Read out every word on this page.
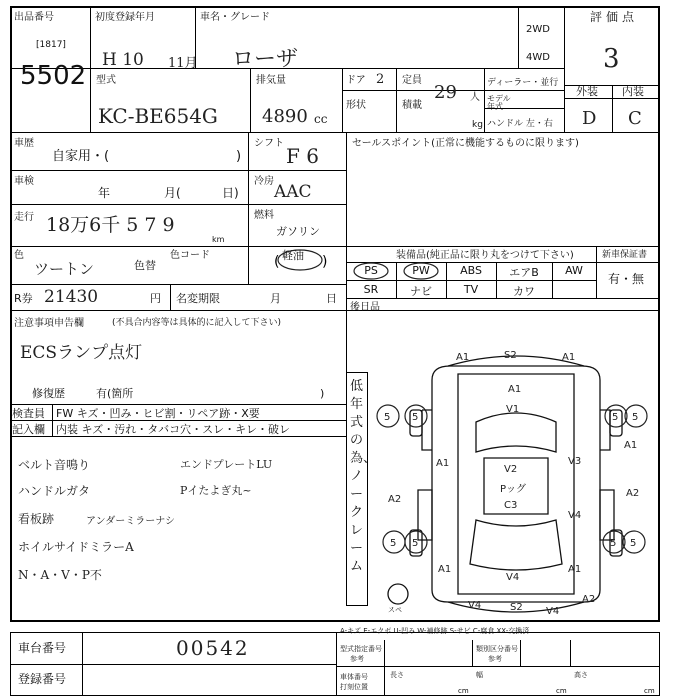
出品番号
[1817]
5502
初度登録年月
H 10 11月
車名・グレード
ローザ
2WD
4WD
評価点
3
外装 内装
D C
型式
KC-BE654G
排気量
4890 cc
ドア 2 定員
29 人
ディーラー・並行
形状	積載
kg
モデル年式
ハンドル 左・右
車歴
自家用・(	)
シフト
F 6
車検
年	月(	日)
冷房
AAC
走行 18万6千 5 7 9
km
燃料
ガソリン
軽油
(	)
色
ツートン	色替
色コード
R券 21430	円 名変期限	月	日
注意事項申告欄	(不具合内容等は具体的に記入して下さい)
ECSランプ点灯
修復歴	有(箇所	)
セールスポイント(正常に機能するものに限ります)
装備品(純正品に限り丸をつけて下さい)	新車保証書
有・無
PS	PW	ABS	エアB	AW
SR	ナビ	TV	カワ
後日品
検査員
記入欄
FW キズ・凹み・ヒビ割・リペア跡・X要
内装 キズ・汚れ・タバコ穴・スレ・キレ・破レ
ベルト音鳴り	エンドプレートLU
ハンドルガタ	Pイたよぎ丸~
看板跡	アンダーミラーナシ
ホイルサイドミラーA
N・A・V・P不
低年式の為、ノークレーム
A1	S2	A1
A1
V1
A1
V2
Pッグ
C3
V3
A1
V4
A2
A2
A1
V4
A1
V4	S2
A2
V4
5
5	5 5
5
5	5 5
スペ
車台番号	00542
登録番号
A-キズ E-エクボ U-凹み W-補修跡 S-サビ C-腐食 XX-交換済
型式指定番号
参考
類別区分番号
参考
車体番号
打刻位置
長さ	幅	高さ
cm	cm	cm
